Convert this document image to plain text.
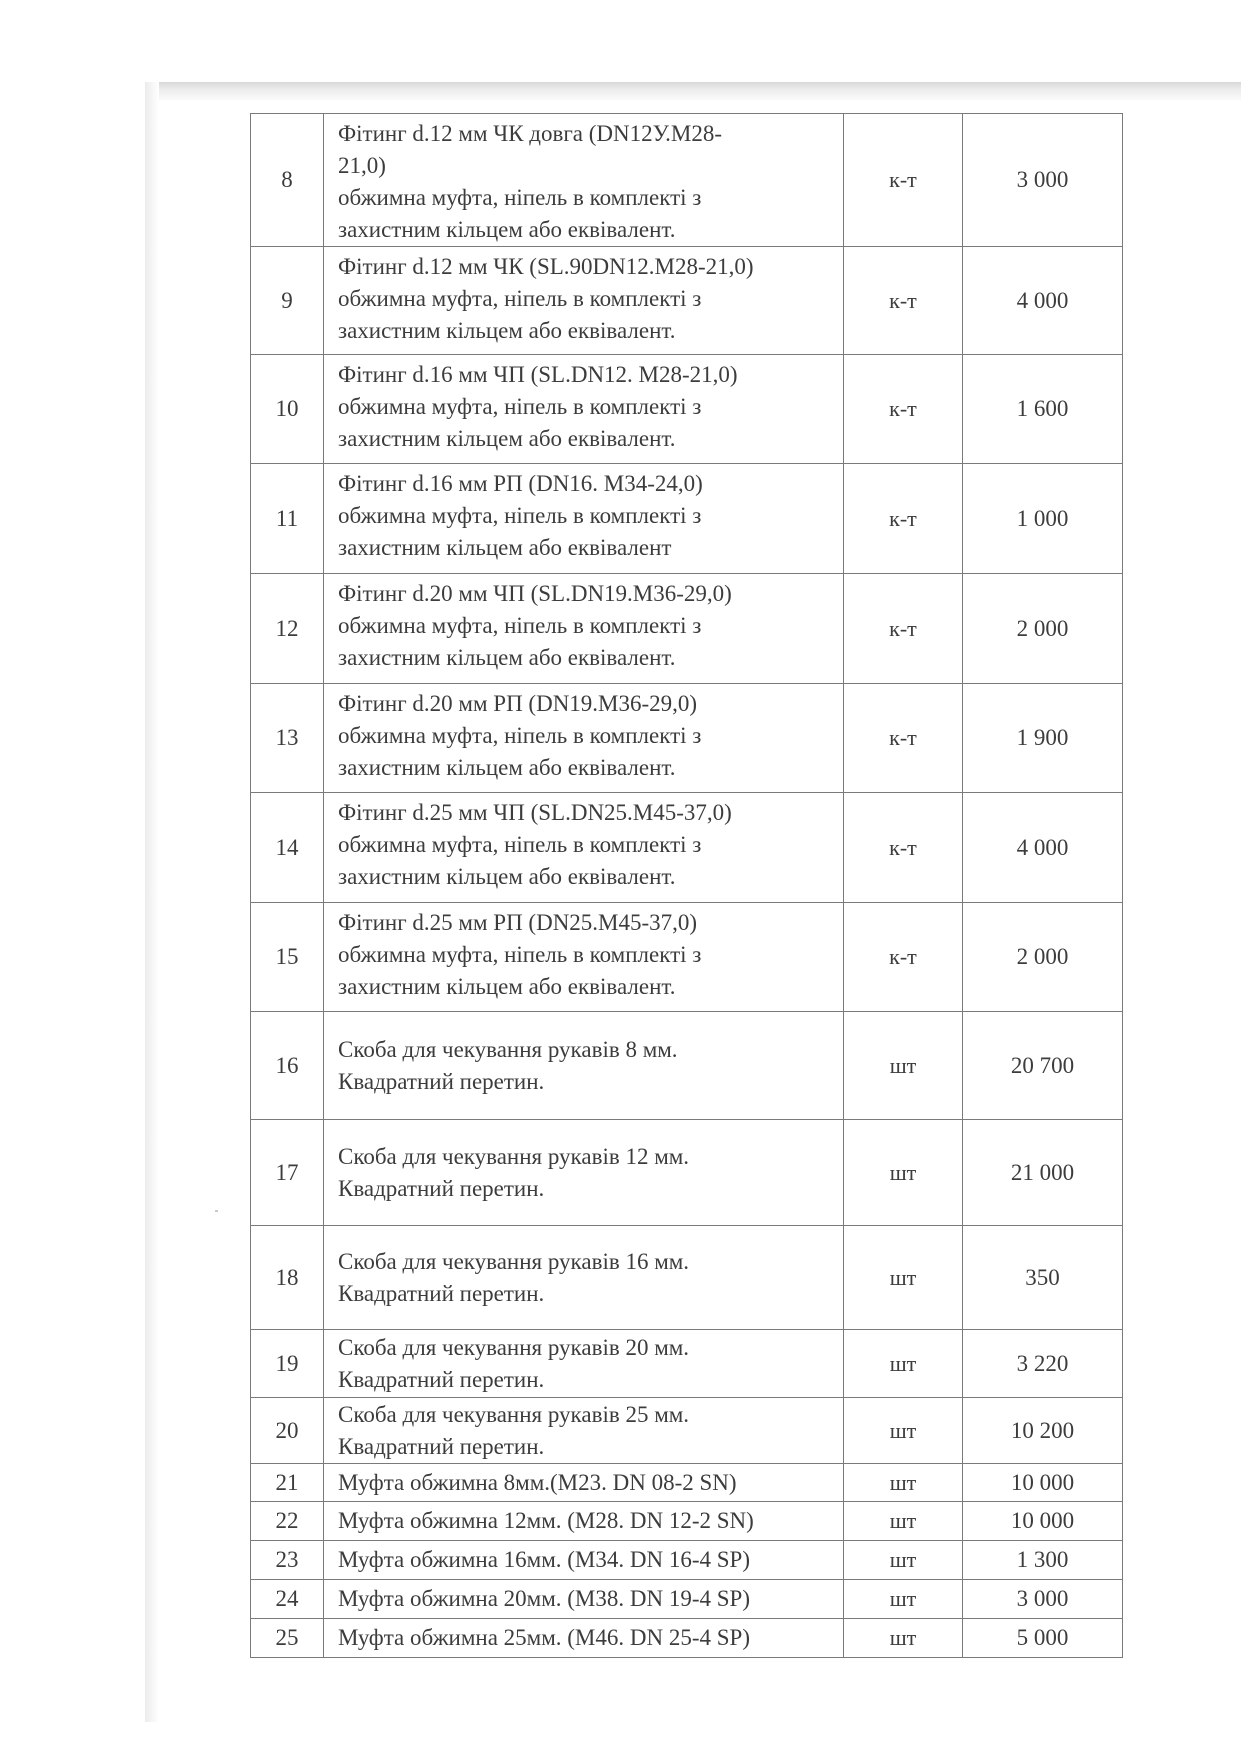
8	Фітинг d.12 мм ЧК довга (DN12У.М28-
21,0)
обжимна муфта, ніпель в комплекті з
захистним кільцем або еквівалент.	к-т	3 000
9	Фітинг d.12 мм ЧК (SL.90DN12.M28-21,0)
обжимна муфта, ніпель в комплекті з
захистним кільцем або еквівалент.	к-т	4 000
10	Фітинг d.16 мм ЧП (SL.DN12. M28-21,0)
обжимна муфта, ніпель в комплекті з
захистним кільцем або еквівалент.	к-т	1 600
11	Фітинг d.16 мм РП (DN16. M34-24,0)
обжимна муфта, ніпель в комплекті з
захистним кільцем або еквівалент	к-т	1 000
12	Фітинг d.20 мм ЧП (SL.DN19.M36-29,0)
обжимна муфта, ніпель в комплекті з
захистним кільцем або еквівалент.	к-т	2 000
13	Фітинг d.20 мм РП (DN19.M36-29,0)
обжимна муфта, ніпель в комплекті з
захистним кільцем або еквівалент.	к-т	1 900
14	Фітинг d.25 мм ЧП (SL.DN25.M45-37,0)
обжимна муфта, ніпель в комплекті з
захистним кільцем або еквівалент.	к-т	4 000
15	Фітинг d.25 мм РП (DN25.M45-37,0)
обжимна муфта, ніпель в комплекті з
захистним кільцем або еквівалент.	к-т	2 000
16	Скоба для чекування рукавів 8 мм.
Квадратний перетин.	шт	20 700
17	Скоба для чекування рукавів 12 мм.
Квадратний перетин.	шт	21 000
18	Скоба для чекування рукавів 16 мм.
Квадратний перетин.	шт	350
19	Скоба для чекування рукавів 20 мм.
Квадратний перетин.	шт	3 220
20	Скоба для чекування рукавів 25 мм.
Квадратний перетин.	шт	10 200
21	Муфта обжимна 8мм.(М23. DN 08-2 SN)	шт	10 000
22	Муфта обжимна 12мм. (М28. DN 12-2 SN)	шт	10 000
23	Муфта обжимна 16мм. (М34. DN 16-4 SP)	шт	1 300
24	Муфта обжимна 20мм. (М38. DN 19-4 SP)	шт	3 000
25	Муфта обжимна 25мм. (М46. DN 25-4 SP)	шт	5 000
